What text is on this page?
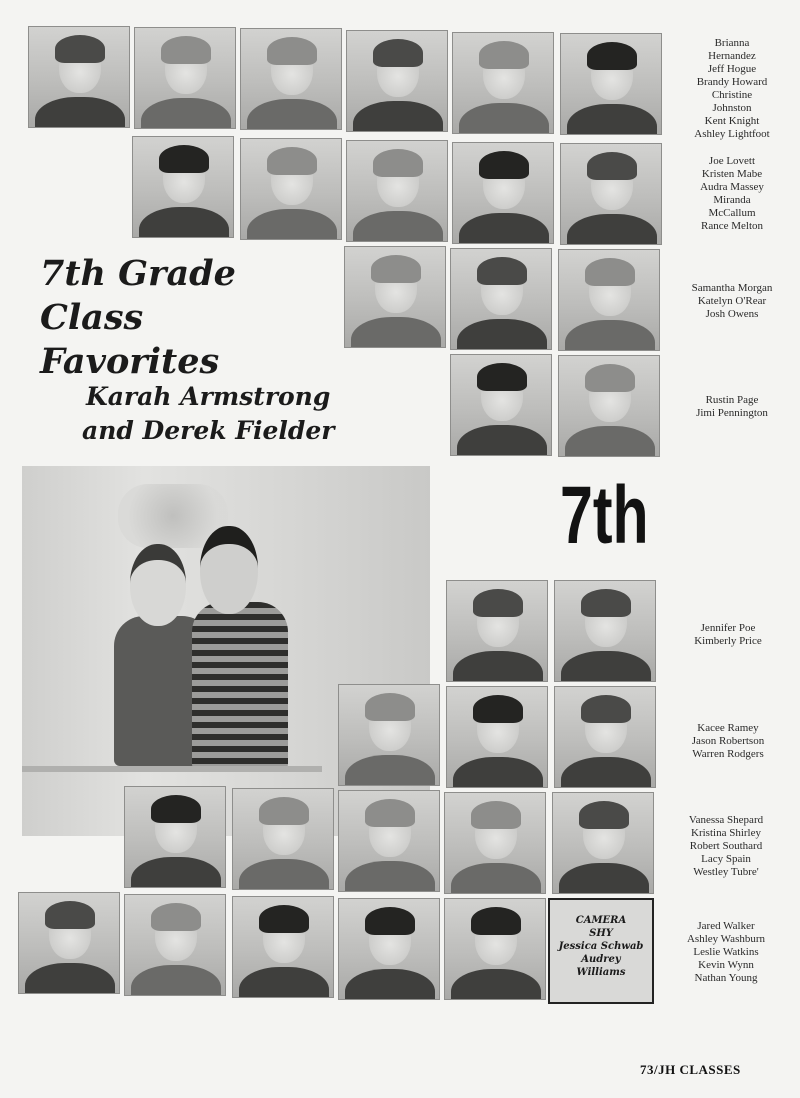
7th Grade
Class
Favorites
Karah Armstrong
and Derek Fielder
7th
CAMERA
SHY
Jessica Schwab
Audrey
Williams
Brianna
Hernandez
Jeff Hogue
Brandy Howard
Christine
Johnston
Kent Knight
Ashley Lightfoot
Joe Lovett
Kristen Mabe
Audra Massey
Miranda
McCallum
Rance Melton
Samantha Morgan
Katelyn O'Rear
Josh Owens
Rustin Page
Jimi Pennington
Jennifer Poe
Kimberly Price
Kacee Ramey
Jason Robertson
Warren Rodgers
Vanessa Shepard
Kristina Shirley
Robert Southard
Lacy Spain
Westley Tubre'
Jared Walker
Ashley Washburn
Leslie Watkins
Kevin Wynn
Nathan Young
73/JH CLASSES
